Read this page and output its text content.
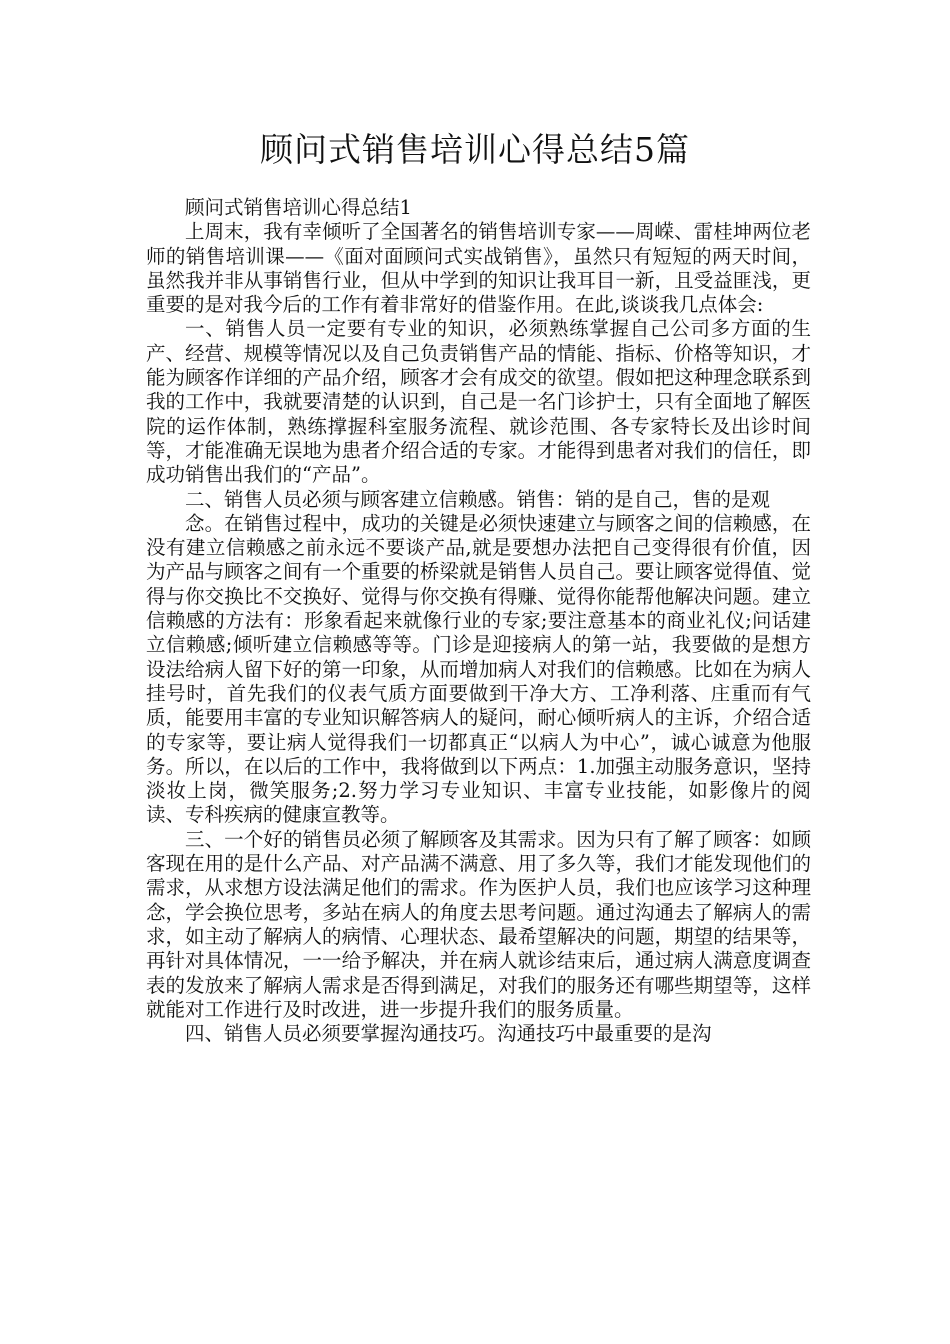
顾问式销售培训心得总结5篇

顾问式销售培训心得总结1

上周末，我有幸倾听了全国著名的销售培训专家——周嵘、雷桂坤两位老师的销售培训课——《面对面顾问式实战销售》，虽然只有短短的两天时间，虽然我并非从事销售行业，但从中学到的知识让我耳目一新，且受益匪浅，更重要的是对我今后的工作有着非常好的借鉴作用。在此,谈谈我几点体会:

一、销售人员一定要有专业的知识，必须熟练掌握自己公司多方面的生产、经营、规模等情况以及自己负责销售产品的情能、指标、价格等知识，才能为顾客作详细的产品介绍，顾客才会有成交的欲望。假如把这种理念联系到我的工作中，我就要清楚的认识到，自己是一名门诊护士，只有全面地了解医院的运作体制，熟练撑握科室服务流程、就诊范围、各专家特长及出诊时间等，才能准确无误地为患者介绍合适的专家。才能得到患者对我们的信任，即成功销售出我们的“产品”。

二、销售人员必须与顾客建立信赖感。销售：销的是自己，售的是观

念。在销售过程中，成功的关键是必须快速建立与顾客之间的信赖感，在没有建立信赖感之前永远不要谈产品,就是要想办法把自己变得很有价值，因为产品与顾客之间有一个重要的桥梁就是销售人员自己。要让顾客觉得值、觉得与你交换比不交换好、觉得与你交换有得赚、觉得你能帮他解决问题。建立信赖感的方法有：形象看起来就像行业的专家;要注意基本的商业礼仪;问话建立信赖感;倾听建立信赖感等等。门诊是迎接病人的第一站，我要做的是想方设法给病人留下好的第一印象，从而增加病人对我们的信赖感。比如在为病人挂号时，首先我们的仪表气质方面要做到干净大方、工净利落、庄重而有气质，能要用丰富的专业知识解答病人的疑问，耐心倾听病人的主诉，介绍合适的专家等，要让病人觉得我们一切都真正“以病人为中心”，诚心诚意为他服务。所以，在以后的工作中，我将做到以下两点：1.加强主动服务意识，坚持淡妆上岗，微笑服务;2.努力学习专业知识、丰富专业技能，如影像片的阅读、专科疾病的健康宣教等。

三、一个好的销售员必须了解顾客及其需求。因为只有了解了顾客：如顾客现在用的是什么产品、对产品满不满意、用了多久等，我们才能发现他们的需求，从求想方设法满足他们的需求。作为医护人员，我们也应该学习这种理念，学会换位思考，多站在病人的角度去思考问题。通过沟通去了解病人的需求，如主动了解病人的病情、心理状态、最希望解决的问题，期望的结果等，再针对具体情况，一一给予解决，并在病人就诊结束后，通过病人满意度调查表的发放来了解病人需求是否得到满足，对我们的服务还有哪些期望等，这样就能对工作进行及时改进，进一步提升我们的服务质量。

四、销售人员必须要掌握沟通技巧。沟通技巧中最重要的是沟
